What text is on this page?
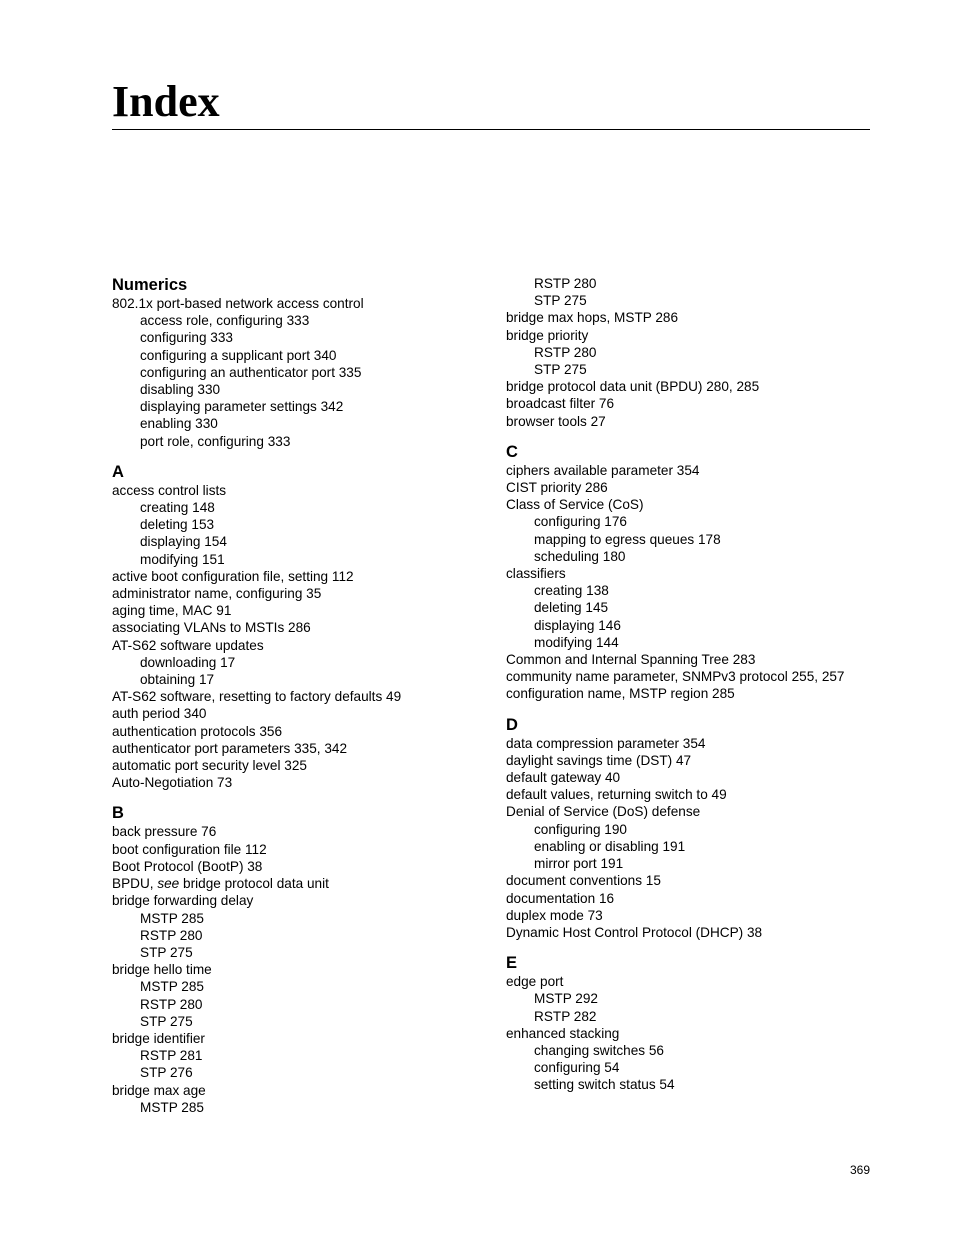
Index
Numerics
802.1x port-based network access control
access role, configuring 333
configuring 333
configuring a supplicant port 340
configuring an authenticator port 335
disabling 330
displaying parameter settings 342
enabling 330
port role, configuring 333
A
access control lists
creating 148
deleting 153
displaying 154
modifying 151
active boot configuration file, setting 112
administrator name, configuring 35
aging time, MAC 91
associating VLANs to MSTIs 286
AT-S62 software updates
downloading 17
obtaining 17
AT-S62 software, resetting to factory defaults 49
auth period 340
authentication protocols 356
authenticator port parameters 335, 342
automatic port security level 325
Auto-Negotiation 73
B
back pressure 76
boot configuration file 112
Boot Protocol (BootP) 38
BPDU, see bridge protocol data unit
bridge forwarding delay
MSTP 285
RSTP 280
STP 275
bridge hello time
MSTP 285
RSTP 280
STP 275
bridge identifier
RSTP 281
STP 276
bridge max age
MSTP 285
RSTP 280
STP 275
bridge max hops, MSTP 286
bridge priority
RSTP 280
STP 275
bridge protocol data unit (BPDU) 280, 285
broadcast filter 76
browser tools 27
C
ciphers available parameter 354
CIST priority 286
Class of Service (CoS)
configuring 176
mapping to egress queues 178
scheduling 180
classifiers
creating 138
deleting 145
displaying 146
modifying 144
Common and Internal Spanning Tree 283
community name parameter, SNMPv3 protocol 255, 257
configuration name, MSTP region 285
D
data compression parameter 354
daylight savings time (DST) 47
default gateway 40
default values, returning switch to 49
Denial of Service (DoS) defense
configuring 190
enabling or disabling 191
mirror port 191
document conventions 15
documentation 16
duplex mode 73
Dynamic Host Control Protocol (DHCP) 38
E
edge port
MSTP 292
RSTP 282
enhanced stacking
changing switches 56
configuring 54
setting switch status 54
369
